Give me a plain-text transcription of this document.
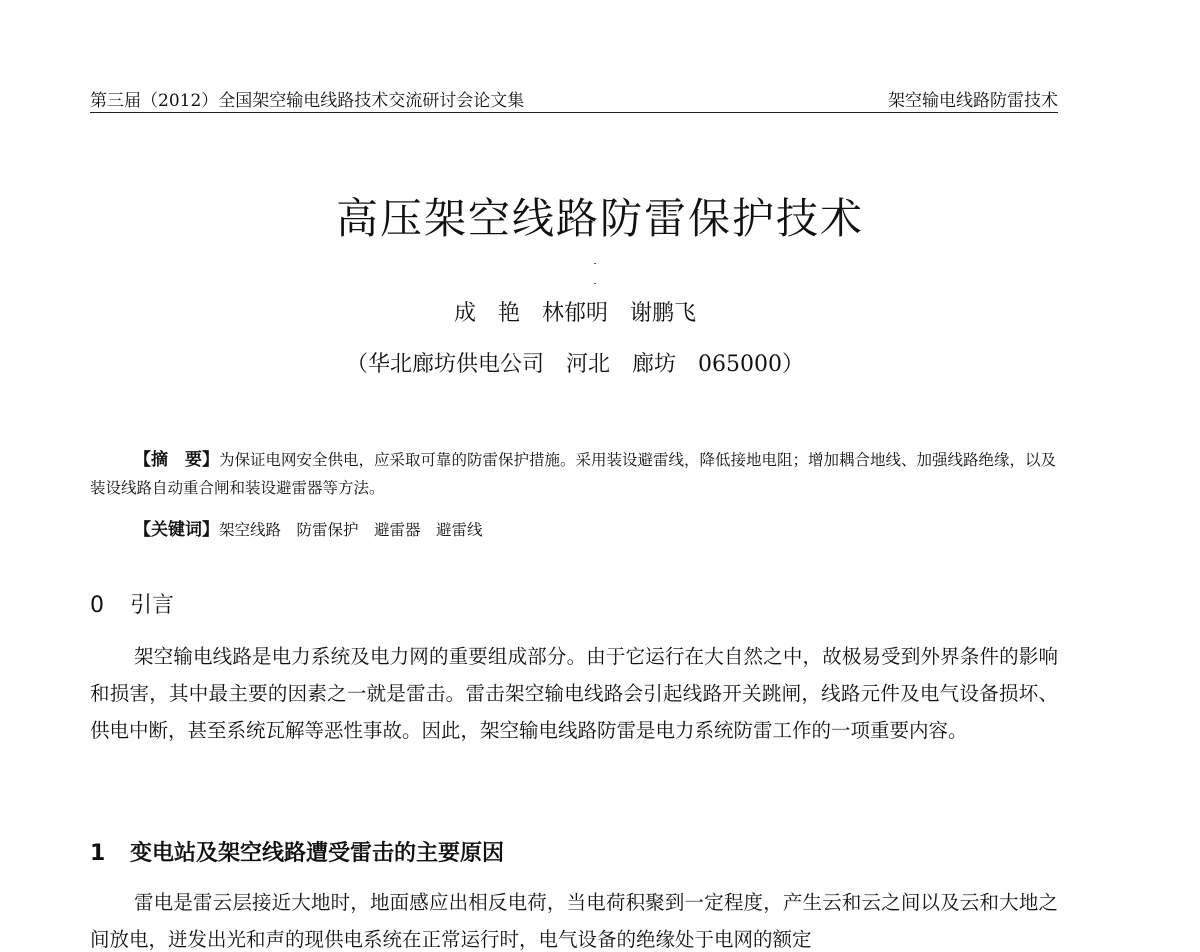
第三届（2012）全国架空输电线路技术交流研讨会论文集	架空输电线路防雷技术
高压架空线路防雷保护技术
成　艳　林郁明　谢鹏飞
（华北廊坊供电公司　河北　廊坊　065000）

【摘　要】为保证电网安全供电，应采取可靠的防雷保护措施。采用装设避雷线，降低接地电阻；增加耦合地线、加强线路绝缘，以及装设线路自动重合闸和装设避雷器等方法。

【关键词】架空线路　防雷保护　避雷器　避雷线
0 引言

架空输电线路是电力系统及电力网的重要组成部分。由于它运行在大自然之中，故极易受到外界条件的影响和损害，其中最主要的因素之一就是雷击。雷击架空输电线路会引起线路开关跳闸，线路元件及电气设备损坏、供电中断，甚至系统瓦解等恶性事故。因此，架空输电线路防雷是电力系统防雷工作的一项重要内容。

1 变电站及架空线路遭受雷击的主要原因

雷电是雷云层接近大地时，地面感应出相反电荷，当电荷积聚到一定程度，产生云和云之间以及云和大地之间放电，迸发出光和声的现供电系统在正常运行时，电气设备的绝缘处于电网的额定
